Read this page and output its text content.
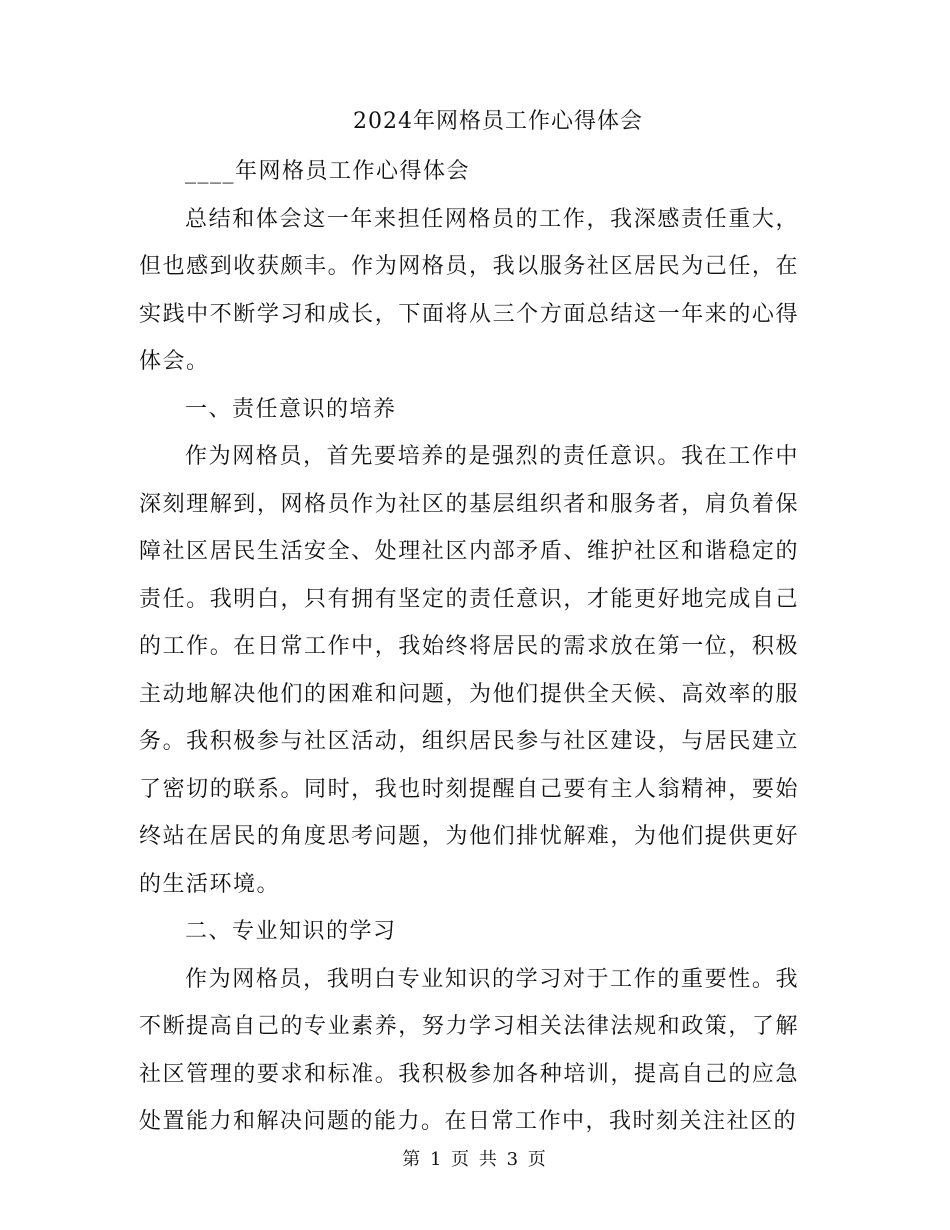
2024年网格员工作心得体会

____年网格员工作心得体会

总结和体会这一年来担任网格员的工作，我深感责任重大，但也感到收获颇丰。作为网格员，我以服务社区居民为己任，在实践中不断学习和成长，下面将从三个方面总结这一年来的心得体会。

一、责任意识的培养

作为网格员，首先要培养的是强烈的责任意识。我在工作中深刻理解到，网格员作为社区的基层组织者和服务者，肩负着保障社区居民生活安全、处理社区内部矛盾、维护社区和谐稳定的责任。我明白，只有拥有坚定的责任意识，才能更好地完成自己的工作。在日常工作中，我始终将居民的需求放在第一位，积极主动地解决他们的困难和问题，为他们提供全天候、高效率的服务。我积极参与社区活动，组织居民参与社区建设，与居民建立了密切的联系。同时，我也时刻提醒自己要有主人翁精神，要始终站在居民的角度思考问题，为他们排忧解难，为他们提供更好的生活环境。

二、专业知识的学习

作为网格员，我明白专业知识的学习对于工作的重要性。我不断提高自己的专业素养，努力学习相关法律法规和政策，了解社区管理的要求和标准。我积极参加各种培训，提高自己的应急处置能力和解决问题的能力。在日常工作中，我时刻关注社区的

第 1 页 共 3 页
